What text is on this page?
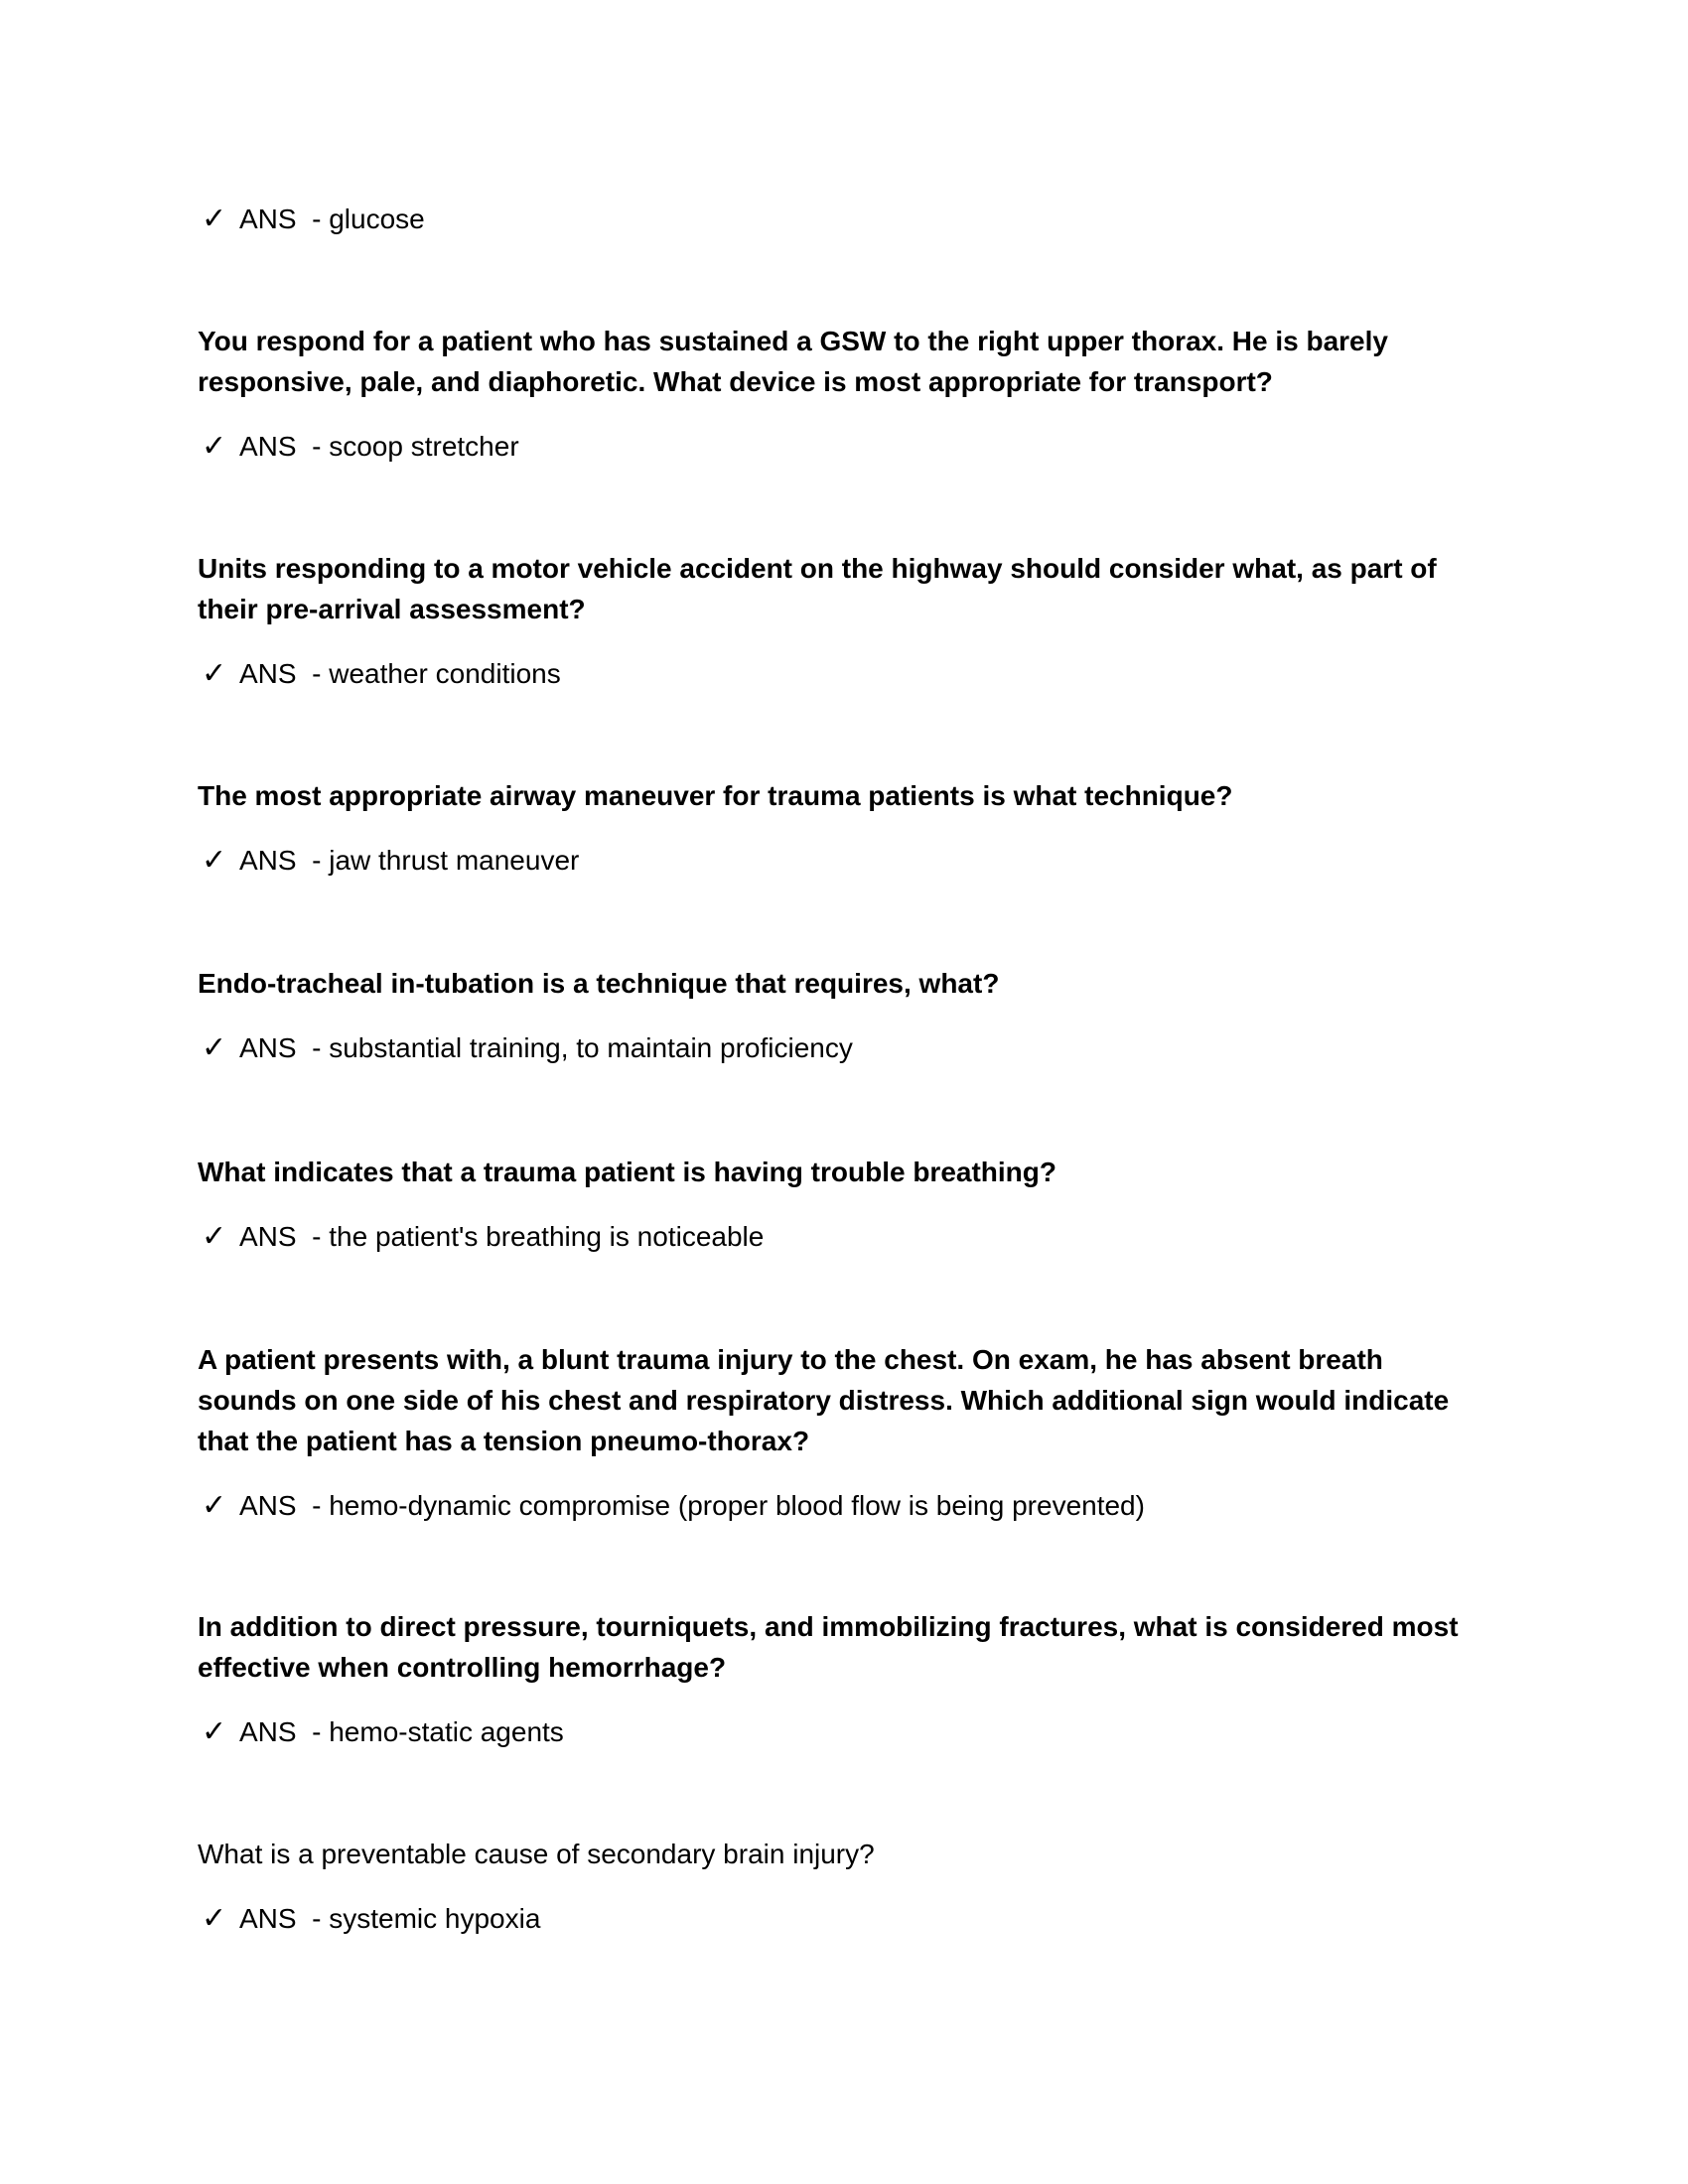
✓ ANS  - glucose

You respond for a patient who has sustained a GSW to the right upper thorax. He is barely responsive, pale, and diaphoretic. What device is most appropriate for transport?

✓ ANS  - scoop stretcher

Units responding to a motor vehicle accident on the highway should consider what, as part of their pre-arrival assessment?

✓ ANS  - weather conditions

The most appropriate airway maneuver for trauma patients is what technique?

✓ ANS  - jaw thrust maneuver

Endo-tracheal in-tubation is a technique that requires, what?

✓ ANS  - substantial training, to maintain proficiency

What indicates that a trauma patient is having trouble breathing?

✓ ANS  - the patient's breathing is noticeable

A patient presents with, a blunt trauma injury to the chest. On exam, he has absent breath sounds on one side of his chest and respiratory distress. Which additional sign would indicate that the patient has a tension pneumo-thorax?

✓ ANS  - hemo-dynamic compromise (proper blood flow is being prevented)

In addition to direct pressure, tourniquets, and immobilizing fractures, what is considered most effective when controlling hemorrhage?

✓ ANS  - hemo-static agents

What is a preventable cause of secondary brain injury?

✓ ANS  - systemic hypoxia
